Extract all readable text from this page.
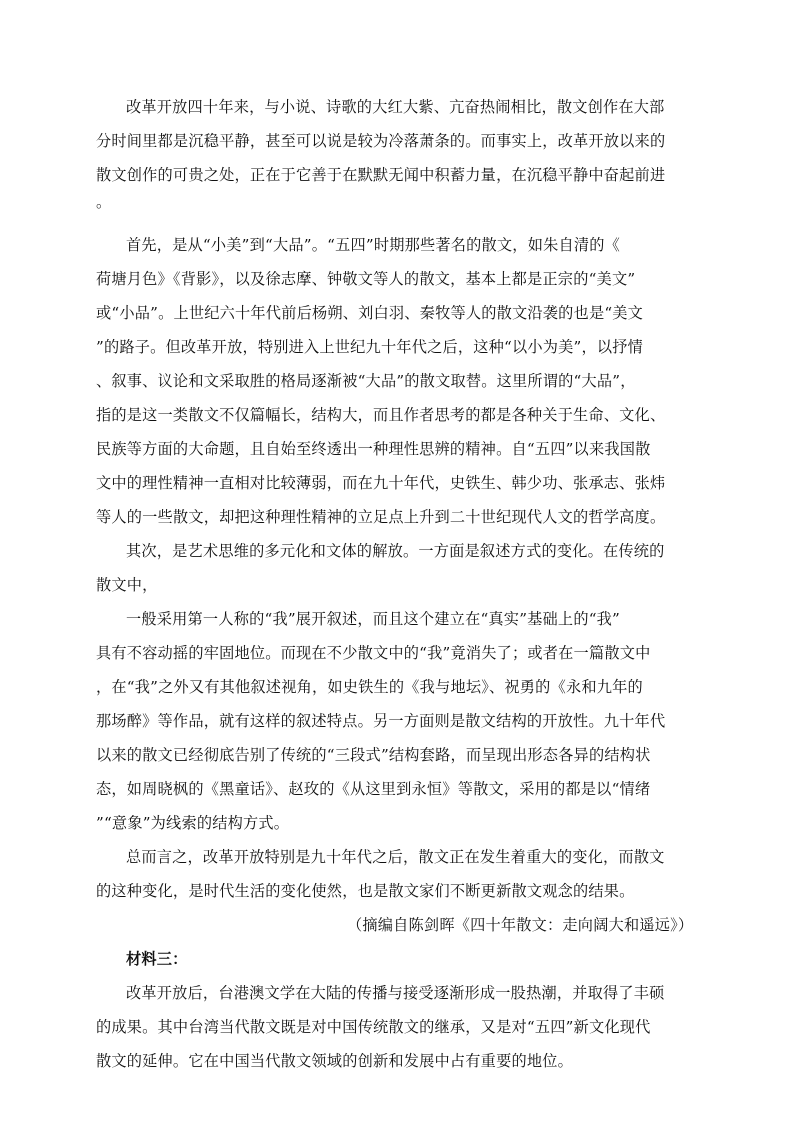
改革开放四十年来，与小说、诗歌的大红大紫、亢奋热闹相比，散文创作在大部
分时间里都是沉稳平静，甚至可以说是较为冷落萧条的。而事实上，改革开放以来的
散文创作的可贵之处，正在于它善于在默默无闻中积蓄力量，在沉稳平静中奋起前进
。
首先，是从“小美”到“大品”。“五四”时期那些著名的散文，如朱自清的《
荷塘月色》《背影》，以及徐志摩、钟敬文等人的散文，基本上都是正宗的“美文”
或“小品”。上世纪六十年代前后杨朔、刘白羽、秦牧等人的散文沿袭的也是“美文
”的路子。但改革开放，特别进入上世纪九十年代之后，这种“以小为美”，以抒情
、叙事、议论和文采取胜的格局逐渐被“大品”的散文取替。这里所谓的“大品”，
指的是这一类散文不仅篇幅长，结构大，而且作者思考的都是各种关于生命、文化、
民族等方面的大命题，且自始至终透出一种理性思辨的精神。自“五四”以来我国散
文中的理性精神一直相对比较薄弱，而在九十年代，史铁生、韩少功、张承志、张炜
等人的一些散文，却把这种理性精神的立足点上升到二十世纪现代人文的哲学高度。
其次，是艺术思维的多元化和文体的解放。一方面是叙述方式的变化。在传统的
散文中，
一般采用第一人称的“我”展开叙述，而且这个建立在“真实”基础上的“我”
具有不容动摇的牢固地位。而现在不少散文中的“我”竟消失了；或者在一篇散文中
，在“我”之外又有其他叙述视角，如史铁生的《我与地坛》、祝勇的《永和九年的
那场醉》等作品，就有这样的叙述特点。另一方面则是散文结构的开放性。九十年代
以来的散文已经彻底告别了传统的“三段式”结构套路，而呈现出形态各异的结构状
态，如周晓枫的《黑童话》、赵玫的《从这里到永恒》等散文，采用的都是以“情绪
”“意象”为线索的结构方式。
总而言之，改革开放特别是九十年代之后，散文正在发生着重大的变化，而散文
的这种变化，是时代生活的变化使然，也是散文家们不断更新散文观念的结果。
（摘编自陈剑晖《四十年散文：走向阔大和遥远》）
材料三：
改革开放后，台港澳文学在大陆的传播与接受逐渐形成一股热潮，并取得了丰硕
的成果。其中台湾当代散文既是对中国传统散文的继承，又是对“五四”新文化现代
散文的延伸。它在中国当代散文领域的创新和发展中占有重要的地位。
